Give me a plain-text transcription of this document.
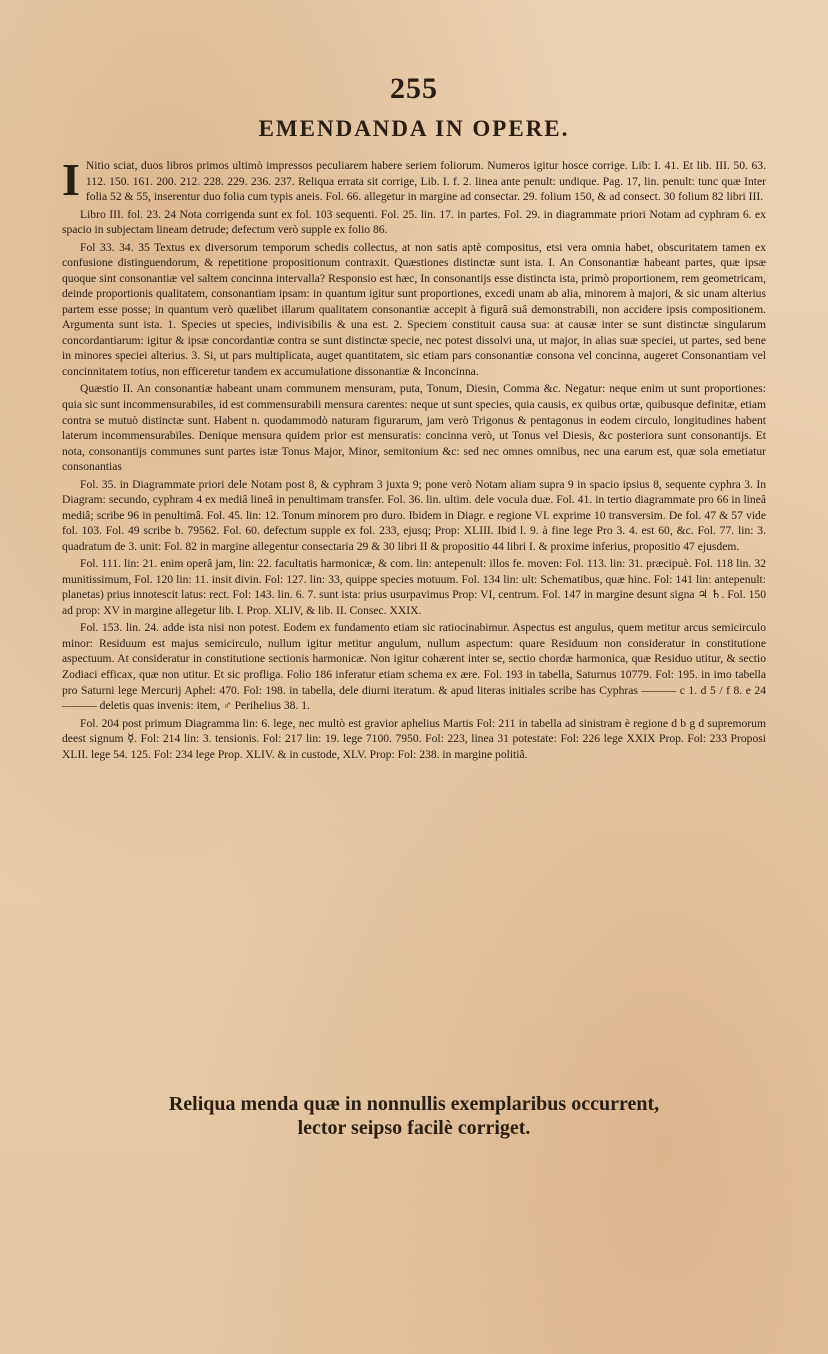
255
EMENDANDA IN OPERE.

I Nitio sciat, duos libros primos ultimò impressos peculiarem habere seriem foliorum. Numeros igitur hosce corrige. Lib: I. 41. Et lib. III. 50. 63. 112. 150. 161. 200. 212. 228. 229. 236. 237. Reliqua errata sit corrige, Lib. I. f. 2. linea ante penult: undique. Pag. 17, lin. penult: tunc quæ Inter folia 52 & 55, inserentur duo folia cum typis aneis. Fol. 66. allegetur in margine ad consectar. 29. folium 150, & ad consect. 30 folium 82 libri III.

Libro III. fol. 23. 24 Nota corrigenda sunt ex fol. 103 sequenti. Fol. 25. lin. 17. in partes. Fol. 29. in diagrammate priori Notam ad cyphram 6. ex spacio in subjectam lineam detrude; defectum verò supple ex folio 86.

Fol 33. 34. 35 Textus ex diversorum temporum schedis collectus, at non satis aptè compositus, etsi vera omnia habet, obscuritatem tamen ex confusione distinguendorum, & repetitione propositionum contraxit. Quæstiones distinctæ sunt ista. I. An Consonantiæ habeant partes, quæ ipsæ quoque sint consonantiæ vel saltem concinna intervalla? Responsio est hæc, In consonantijs esse distincta ista, primò proportionem, rem geometricam, deinde proportionis qualitatem, consonantiam ipsam: in quantum igitur sunt proportiones, excedi unam ab alia, minorem à majori, & sic unam alterius partem esse posse; in quantum verò quælibet illarum qualitatem consonantiæ accepit à figurâ suâ demonstrabili, non accidere ipsis compositionem. Argumenta sunt ista. 1. Species ut species, indivisibilis & una est. 2. Speciem constituit causa sua: at causæ inter se sunt distinctæ singularum concordantiarum: igitur & ipsæ concordantiæ contra se sunt distinctæ specie, nec potest dissolvi una, ut major, in alias suæ speciei, ut partes, sed bene in minores speciei alterius. 3. Si, ut pars multiplicata, auget quantitatem, sic etiam pars consonantiæ consona vel concinna, augeret Consonantiam vel concinnitatem totius, non efficeretur tandem ex accumulatione dissonantiæ & Inconcinna.

Quæstio II. An consonantiæ habeant unam communem mensuram, puta, Tonum, Diesin, Comma &c. Negatur: neque enim ut sunt proportiones: quia sic sunt incommensurabiles, id est commensurabili mensura carentes: neque ut sunt species, quia causis, ex quibus ortæ, quibusque definitæ, etiam contra se mutuò distinctæ sunt. Habent n. quodammodò naturam figurarum, jam verò Trigonus & pentagonus in eodem circulo, longitudines habent laterum incommensurabiles. Denique mensura quidem prior est mensuratis: concinna verò, ut Tonus vel Diesis, &c posteriora sunt consonantijs. Et nota, consonantijs communes sunt partes istæ Tonus Major, Minor, semitonium &c: sed nec omnes omnibus, nec una earum est, quæ sola emetiatur consonantias

Fol. 35. in Diagrammate priori dele Notam post 8, & cyphram 3 juxta 9; pone verò Notam aliam supra 9 in spacio ipsius 8, sequente cyphra 3. In Diagram: secundo, cyphram 4 ex mediâ lineâ in penultimam transfer. Fol. 36. lin. ultim. dele vocula duæ. Fol. 41. in tertio diagrammate pro 66 in lineâ mediâ; scribe 96 in penultimâ. Fol. 45. lin: 12. Tonum minorem pro duro. Ibidem in Diagr. e regione VI. exprime 10 transversim. De fol. 47 & 57 vide fol. 103. Fol. 49 scribe b. 79562. Fol. 60. defectum supple ex fol. 233, ejusq; Prop: XLIII. Ibid l. 9. à fine lege Pro 3. 4. est 60, &c. Fol. 77. lin: 3. quadratum de 3. unit: Fol. 82 in margine allegentur consectaria 29 & 30 libri II & propositio 44 libri I. & proxime inferius, propositio 47 ejusdem.

Fol. 111. lin: 21. enim operâ jam, lin: 22. facultatis harmonicæ, & com. lin: antepenult: illos fe. moven: Fol. 113. lin: 31. præcipuè. Fol. 118 lin. 32 munitissimum, Fol. 120 lin: 11. insit divin. Fol: 127. lin: 33, quippe species motuum. Fol. 134 lin: ult: Schematibus, quæ hinc. Fol: 141 lin: antepenult: planetas) prius innotescit latus: rect. Fol: 143. lin. 6. 7. sunt ista: prius usurpavimus Prop: VI, centrum. Fol. 147 in margine desunt signa ♃ ♄. Fol. 150 ad prop: XV in margine allegetur lib. I. Prop. XLIV, & lib. II. Consec. XXIX.

Fol. 153. lin. 24. adde ista nisi non potest. Eodem ex fundamento etiam sic ratiocinabimur. Aspectus est angulus, quem metitur arcus semicirculo minor: Residuum est majus semicirculo, nullum igitur metitur angulum, nullum aspectum: quare Residuum non consideratur in constitutione aspectuum. At consideratur in constitutione sectionis harmonicæ. Non igitur cohærent inter se, sectio chordæ harmonica, quæ Residuo utitur, & sectio Zodiaci efficax, quæ non utitur. Et sic profliga. Folio 186 inferatur etiam schema ex ære. Fol. 193 in tabella, Saturnus 10779. Fol: 195. in imo tabella pro Saturni lege Mercurij Aphel: 470. Fol: 198. in tabella, dele diurni iteratum. & apud literas initiales scribe has Cyphras ——— c 1. d 5 / f 8. e 24 ——— deletis quas invenis: item, ♂ Perihelius 38. 1.

Fol. 204 post primum Diagramma lin: 6. lege, nec multò est gravior aphelius Martis Fol: 211 in tabella ad sinistram è regione d b g d supremorum deest signum ☿. Fol: 214 lin: 3. tensionis. Fol: 217 lin: 19. lege 7100. 7950. Fol: 223, linea 31 potestate: Fol: 226 lege XXIX Prop. Fol: 233 Proposi XLII. lege 54. 125. Fol: 234 lege Prop. XLIV. & in custode, XLV. Prop: Fol: 238. in margine politiâ.

Reliqua menda quæ in nonnullis exemplaribus occurrent,
lector seipso facilè corriget.
